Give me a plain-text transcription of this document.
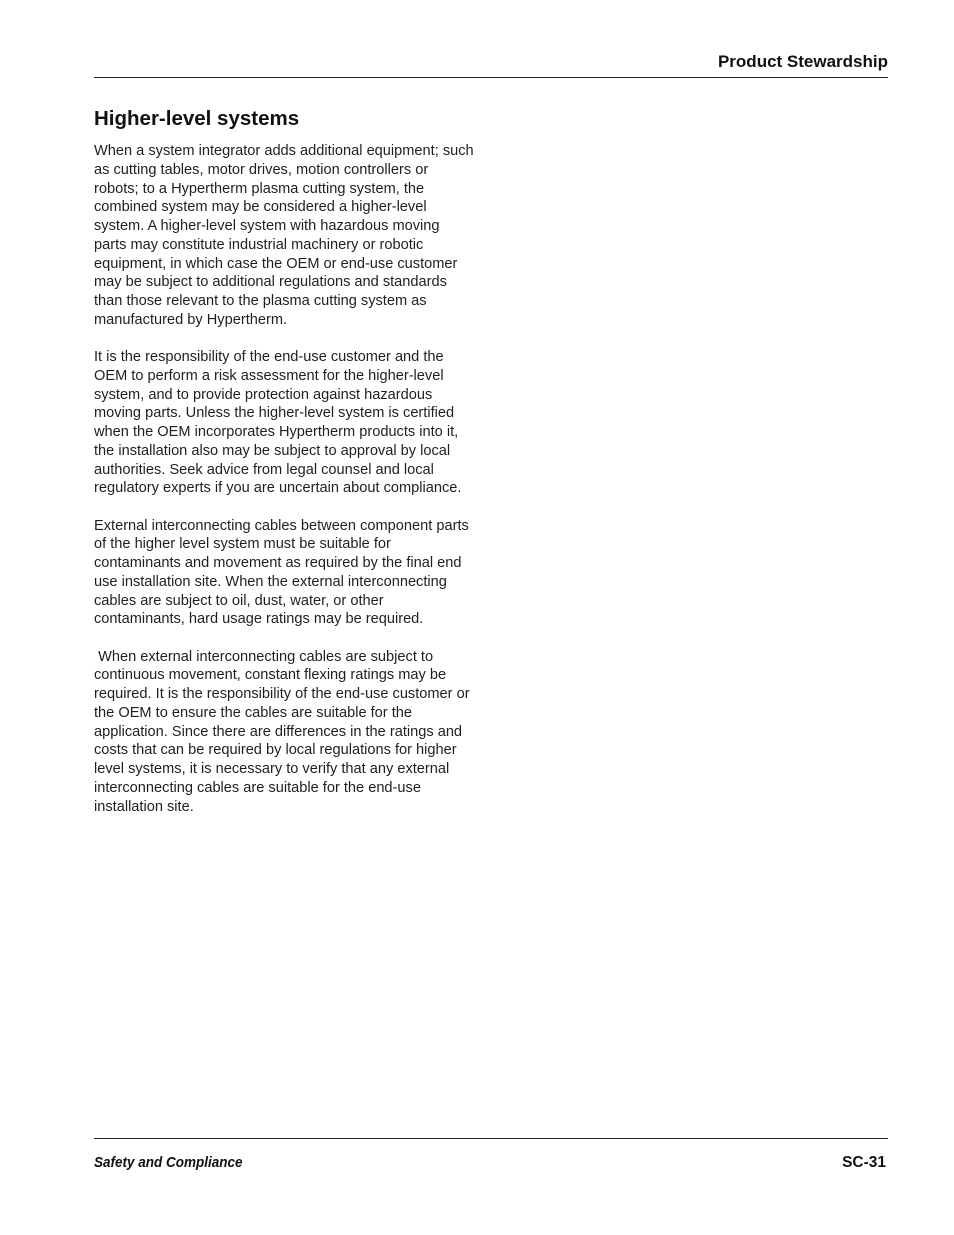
Product Stewardship
Higher-level systems

When a system integrator adds additional equipment; such as cutting tables, motor drives, motion controllers or robots; to a Hypertherm plasma cutting system, the combined system may be considered a higher-level system. A higher-level system with hazardous moving parts may constitute industrial machinery or robotic equipment, in which case the OEM or end-use customer may be subject to additional regulations and standards than those relevant to the plasma cutting system as manufactured by Hypertherm.

It is the responsibility of the end-use customer and the OEM to perform a risk assessment for the higher-level system, and to provide protection against hazardous moving parts. Unless the higher-level system is certified when the OEM incorporates Hypertherm products into it, the installation also may be subject to approval by local authorities. Seek advice from legal counsel and local regulatory experts if you are uncertain about compliance.

External interconnecting cables between component parts of the higher level system must be suitable for contaminants and movement as required by the final end use installation site. When the external interconnecting cables are subject to oil, dust, water, or other contaminants, hard usage ratings may be required.

When external interconnecting cables are subject to continuous movement, constant flexing ratings may be required. It is the responsibility of the end-use customer or the OEM to ensure the cables are suitable for the application. Since there are differences in the ratings and costs that can be required by local regulations for higher level systems, it is necessary to verify that any external interconnecting cables are suitable for the end-use installation site.

Safety and Compliance	SC-31
